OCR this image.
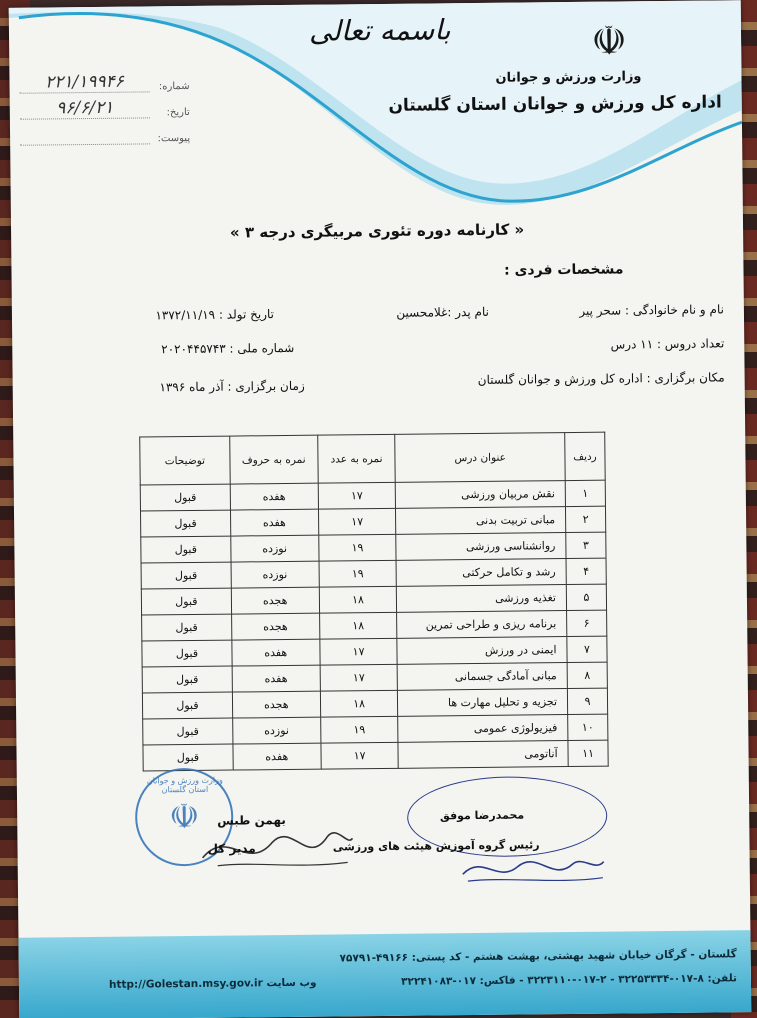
☫
وزارت ورزش و جوانان
اداره کل ورزش و جوانان استان گلستان
باسمه تعالی
شماره:
۲۲۱/۱۹۹۴۶
تاریخ:
۹۶/۶/۲۱
پیوست:
« کارنامه دوره تئوری مربیگری درجه ۳ »
مشخصات فردی :
نام و نام خانوادگی : سحر پیر
نام پدر :غلامحسین
تاریخ تولد : ۱۳۷۲/۱۱/۱۹
تعداد دروس : ۱۱ درس
شماره ملی : ۲۰۲۰۴۴۵۷۴۳
مکان برگزاری : اداره کل ورزش و جوانان گلستان
زمان برگزاری : آذر ماه ۱۳۹۶
ردیف	عنوان درس	نمره به عدد	نمره به حروف	توضیحات
۱	نقش مربیان ورزشی	۱۷	هفده	قبول
۲	مبانی تربیت بدنی	۱۷	هفده	قبول
۳	روانشناسی ورزشی	۱۹	نوزده	قبول
۴	رشد و تکامل حرکتی	۱۹	نوزده	قبول
۵	تغذیه ورزشی	۱۸	هجده	قبول
۶	برنامه ریزی و طراحی تمرین	۱۸	هجده	قبول
۷	ایمنی در ورزش	۱۷	هفده	قبول
۸	مبانی آمادگی جسمانی	۱۷	هفده	قبول
۹	تجزیه و تحلیل مهارت ها	۱۸	هجده	قبول
۱۰	فیزیولوژی عمومی	۱۹	نوزده	قبول
۱۱	آناتومی	۱۷	هفده	قبول
☫
وزارت ورزش و جوانان استان گلستان
بهمن طبس
مدیر کل
محمدرضا موفق
رئیس گروه آموزش هیئت های ورزشی
گلستان - گرگان خیابان شهید بهشتی، بهشت هشتم - کد پستی: ۴۹۱۶۶-۷۵۷۹۱
تلفن: ۸-۰۱۷-۳۲۲۵۳۳۳۴ - ۲-۰۱۷-۳۲۲۳۱۱۰ - فاکس: ۰۱۷-۳۲۲۴۱۰۸۳
http://Golestan.msy.gov.ir وب سایت
